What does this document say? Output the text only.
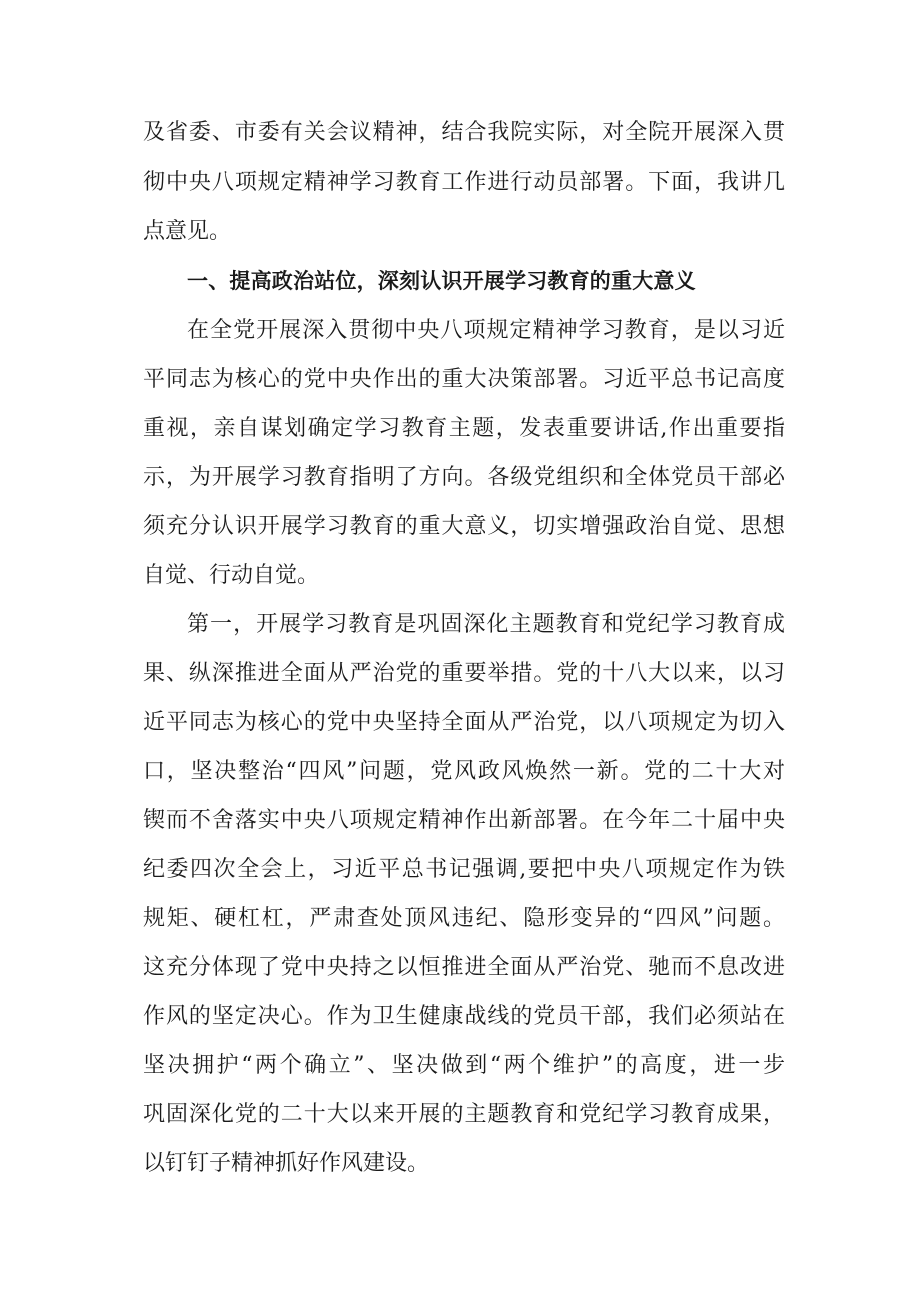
及省委、市委有关会议精神，结合我院实际，对全院开展深入贯

彻中央八项规定精神学习教育工作进行动员部署。下面，我讲几

点意见。

一、提高政治站位，深刻认识开展学习教育的重大意义

在全党开展深入贯彻中央八项规定精神学习教育，是以习近

平同志为核心的党中央作出的重大决策部署。习近平总书记高度

重视，亲自谋划确定学习教育主题，发表重要讲话,作出重要指

示，为开展学习教育指明了方向。各级党组织和全体党员干部必

须充分认识开展学习教育的重大意义，切实增强政治自觉、思想

自觉、行动自觉。

第一，开展学习教育是巩固深化主题教育和党纪学习教育成

果、纵深推进全面从严治党的重要举措。党的十八大以来，以习

近平同志为核心的党中央坚持全面从严治党，以八项规定为切入

口，坚决整治“四风”问题，党风政风焕然一新。党的二十大对

锲而不舍落实中央八项规定精神作出新部署。在今年二十届中央

纪委四次全会上，习近平总书记强调,要把中央八项规定作为铁

规矩、硬杠杠，严肃查处顶风违纪、隐形变异的“四风”问题。

这充分体现了党中央持之以恒推进全面从严治党、驰而不息改进

作风的坚定决心。作为卫生健康战线的党员干部，我们必须站在

坚决拥护“两个确立”、坚决做到“两个维护”的高度，进一步

巩固深化党的二十大以来开展的主题教育和党纪学习教育成果，

以钉钉子精神抓好作风建设。
